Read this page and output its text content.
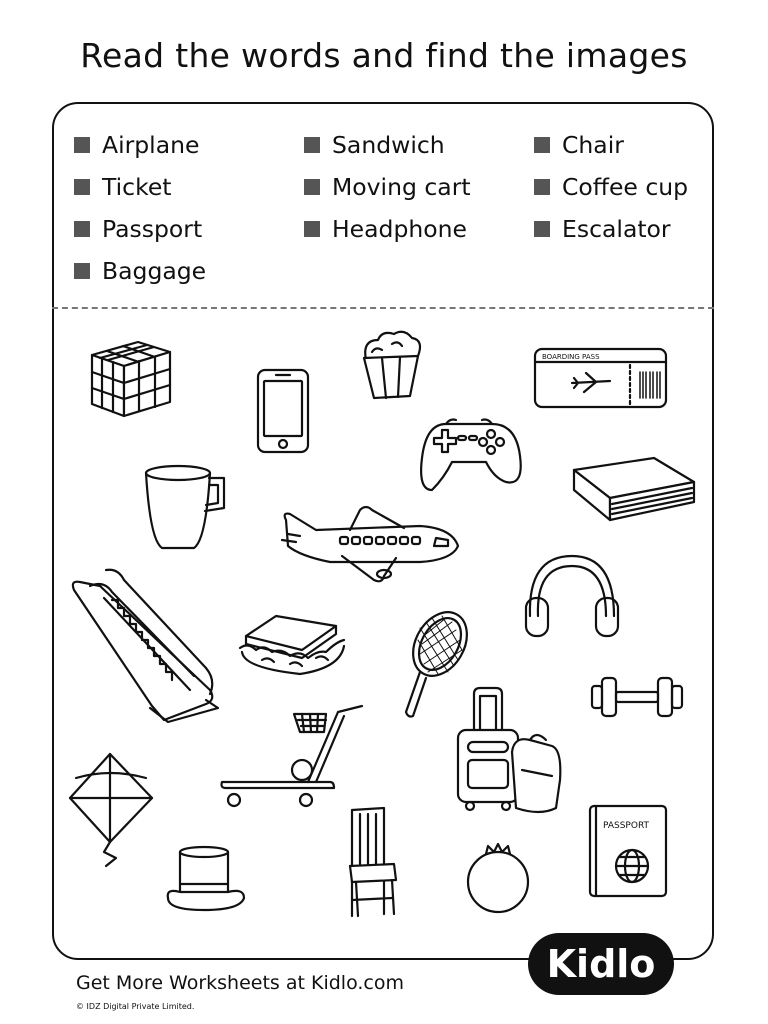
Read the words and find the images
Airplane
Ticket
Passport
Baggage
Sandwich
Moving cart
Headphone
Chair
Coffee cup
Escalator
BOARDING PASS
PASSPORT
Get More Worksheets at Kidlo.com
© IDZ Digital Private Limited.
Kidlo
